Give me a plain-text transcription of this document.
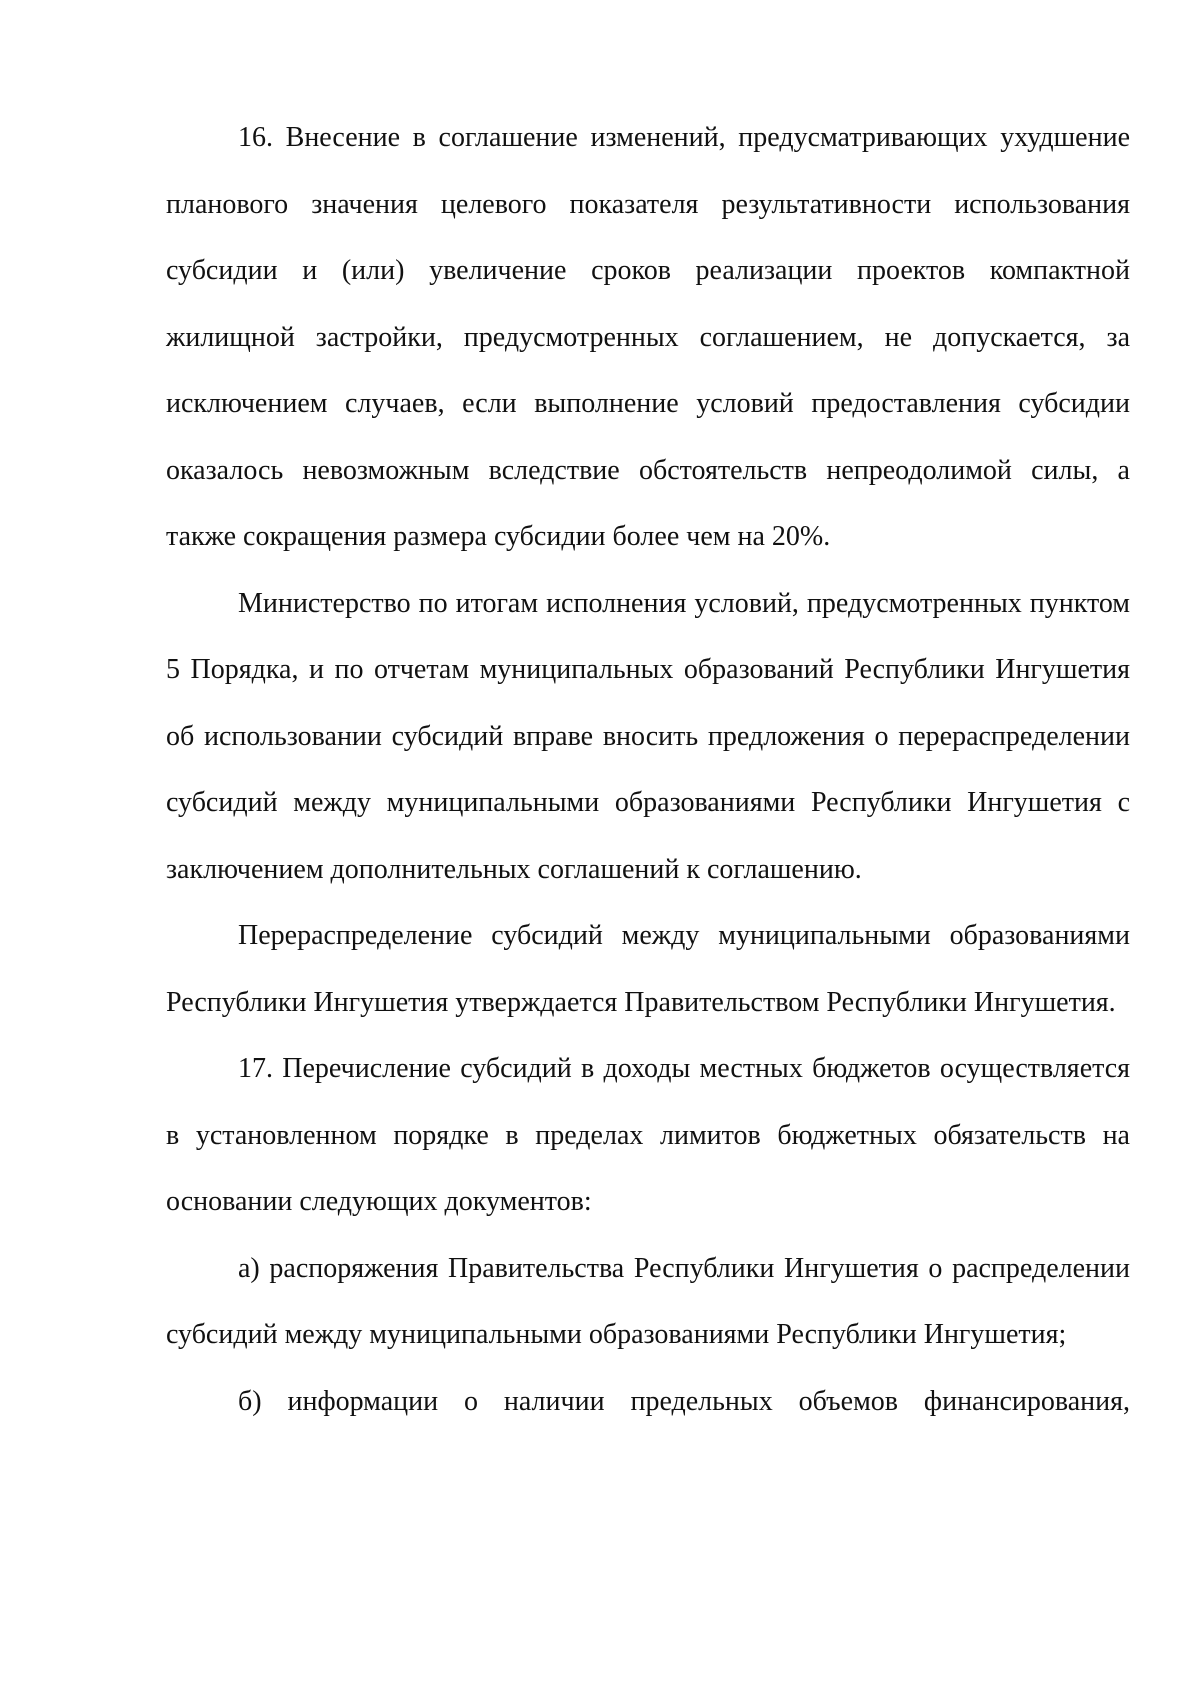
16. Внесение в соглашение изменений, предусматривающих ухудшение планового значения целевого показателя результативности использования субсидии и (или) увеличение сроков реализации проектов компактной жилищной застройки, предусмотренных соглашением, не допускается, за исключением случаев, если выполнение условий предоставления субсидии оказалось невозможным вследствие обстоятельств непреодолимой силы, а также сокращения размера субсидии более чем на 20%.

Министерство по итогам исполнения условий, предусмотренных пунктом 5 Порядка, и по отчетам муниципальных образований Республики Ингушетия об использовании субсидий вправе вносить предложения о перераспределении субсидий между муниципальными образованиями Республики Ингушетия с заключением дополнительных соглашений к соглашению.

Перераспределение субсидий между муниципальными образованиями Республики Ингушетия утверждается Правительством Республики Ингушетия.

17. Перечисление субсидий в доходы местных бюджетов осуществляется в установленном порядке в пределах лимитов бюджетных обязательств на основании следующих документов:

а) распоряжения Правительства Республики Ингушетия о распределении субсидий между муниципальными образованиями Республики Ингушетия;

б) информации о наличии предельных объемов финансирования,
